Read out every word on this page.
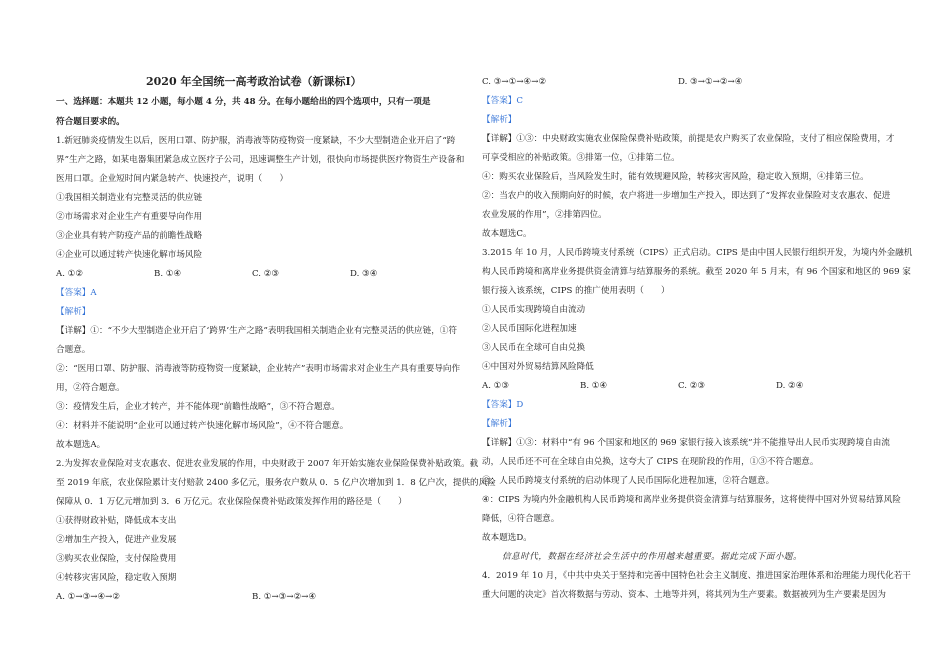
2020 年全国统一高考政治试卷（新课标Ⅰ）
一、选择题：本题共 12 小题，每小题 4 分，共 48 分。在每小题给出的四个选项中，只有一项是
符合题目要求的。
1.新冠肺炎疫情发生以后，医用口罩、防护服，消毒液等防疫物资一度紧缺，不少大型制造企业开启了“跨
界”生产之路，如某电器集团紧急成立医疗子公司，迅速调整生产计划，很快向市场提供医疗物资生产设备和
医用口罩。企业短时间内紧急转产、快速投产，说明（　　）
①我国相关制造业有完整灵活的供应链
②市场需求对企业生产有重要导向作用
③企业具有转产防疫产品的前瞻性战略
④企业可以通过转产快速化解市场风险
A. ①②	B. ①④	C. ②③	D. ③④
【答案】A
【解析】
【详解】①：“不少大型制造企业开启了‘跨界’生产之路”表明我国相关制造企业有完整灵活的供应链，①符
合题意。
②：“医用口罩、防护服、消毒液等防疫物资一度紧缺，企业转产”表明市场需求对企业生产具有重要导向作
用，②符合题意。
③：疫情发生后，企业才转产，并不能体现“前瞻性战略”，③不符合题意。
④：材料并不能说明“企业可以通过转产快速化解市场风险”，④不符合题意。
故本题选A。
2.为发挥农业保险对支农惠农、促进农业发展的作用，中央财政于 2007 年开始实施农业保险保费补贴政策。截
至 2019 年底，农业保险累计支付赔款 2400 多亿元，服务农户数从 0．5 亿户次增加到 1．8 亿户次，提供的风险
保障从 0．1 万亿元增加到 3．6 万亿元。农业保险保费补贴政策发挥作用的路径是（　　）
①获得财政补贴，降低成本支出
②增加生产投入，促进产业发展
③购买农业保险，支付保险费用
④转移灾害风险，稳定收入预期
A. ①→③→④→②	B. ①→③→②→④
C. ③→①→④→②	D. ③→①→②→④
【答案】C
【解析】
【详解】①③：中央财政实施农业保险保费补贴政策，前提是农户购买了农业保险，支付了相应保险费用，才
可享受相应的补贴政策。③排第一位，①排第二位。
④：购买农业保险后，当风险发生时，能有效规避风险，转移灾害风险，稳定收入预期，④排第三位。
②：当农户的收入预期向好的时候，农户将进一步增加生产投入，即达到了“发挥农业保险对支农惠农、促进
农业发展的作用”，②排第四位。
故本题选C。
3.2015 年 10 月，人民币跨境支付系统（CIPS）正式启动。CIPS 是由中国人民银行组织开发，为境内外金融机
构人民币跨境和离岸业务提供资金清算与结算服务的系统。截至 2020 年 5 月末，有 96 个国家和地区的 969 家
银行接入该系统，CIPS 的推广使用表明（　　）
①人民币实现跨境自由流动
②人民币国际化进程加速
③人民币在全球可自由兑换
④中国对外贸易结算风险降低
A. ①③	B. ①④	C. ②③	D. ②④
【答案】D
【解析】
【详解】①③：材料中“有 96 个国家和地区的 969 家银行接入该系统”并不能推导出人民币实现跨境自由流
动，人民币还不可在全球自由兑换，这夸大了 CIPS 在现阶段的作用，①③不符合题意。
②：人民币跨境支付系统的启动体现了人民币国际化进程加速，②符合题意。
④：CIPS 为境内外金融机构人民币跨境和离岸业务提供资金清算与结算服务，这将使得中国对外贸易结算风险
降低，④符合题意。
故本题选D。
信息时代，数据在经济社会生活中的作用越来越重要。据此完成下面小题。
4．2019 年 10 月，《中共中央关于坚持和完善中国特色社会主义制度、推进国家治理体系和治理能力现代化若干
重大问题的决定》首次将数据与劳动、资本、土地等并列，将其列为生产要素。数据被列为生产要素是因为
